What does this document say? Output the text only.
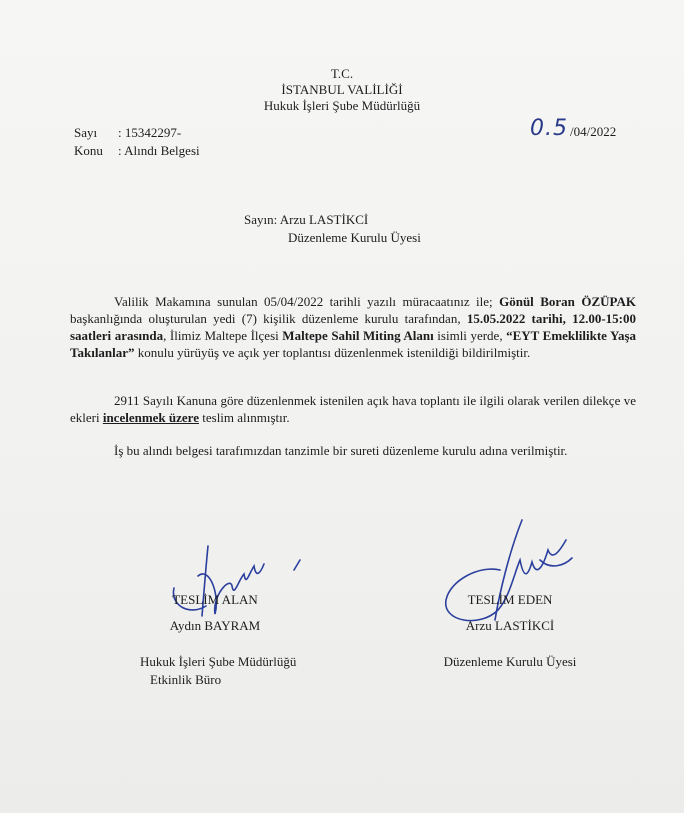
T.C.
İSTANBUL VALİLİĞİ
Hukuk İşleri Şube Müdürlüğü
Sayı	: 15342297-
Konu	: Alındı Belgesi
0.5 /04/2022
Sayın: Arzu LASTİKCİ
Düzenleme Kurulu Üyesi
Valilik Makamına sunulan 05/04/2022 tarihli yazılı müracaatınız ile; Gönül Boran ÖZÜPAK başkanlığında oluşturulan yedi (7) kişilik düzenleme kurulu tarafından, 15.05.2022 tarihi, 12.00-15:00 saatleri arasında, İlimiz Maltepe İlçesi Maltepe Sahil Miting Alanı isimli yerde, “EYT Emeklilikte Yaşa Takılanlar” konulu yürüyüş ve açık yer toplantısı düzenlenmek istenildiği bildirilmiştir.
2911 Sayılı Kanuna göre düzenlenmek istenilen açık hava toplantı ile ilgili olarak verilen dilekçe ve ekleri incelenmek üzere teslim alınmıştır.
İş bu alındı belgesi tarafımızdan tanzimle bir sureti düzenleme kurulu adına verilmiştir.
TESLİM ALAN
Aydın BAYRAM
Hukuk İşleri Şube Müdürlüğü
Etkinlik Büro
TESLİM EDEN
Arzu LASTİKCİ
Düzenleme Kurulu Üyesi
